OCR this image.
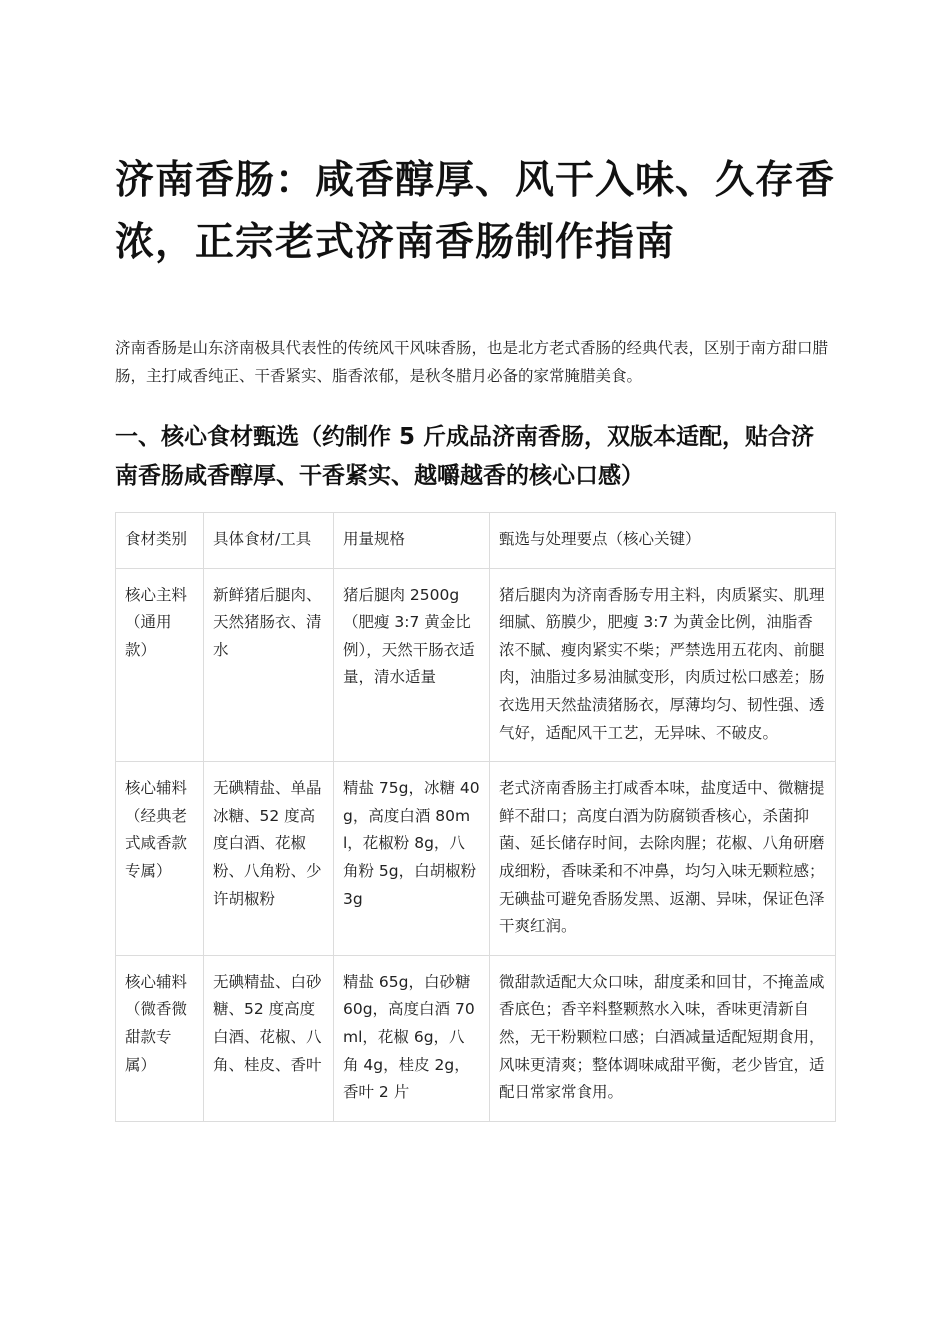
济南香肠：咸香醇厚、风干入味、久存香浓，正宗老式济南香肠制作指南

济南香肠是山东济南极具代表性的传统风干风味香肠，也是北方老式香肠的经典代表，区别于南方甜口腊肠，主打咸香纯正、干香紧实、脂香浓郁，是秋冬腊月必备的家常腌腊美食。

一、核心食材甄选（约制作 5 斤成品济南香肠，双版本适配，贴合济南香肠咸香醇厚、干香紧实、越嚼越香的核心口感）
食材类别	具体食材/工具	用量规格	甄选与处理要点（核心关键）
核心主料（通用款）	新鲜猪后腿肉、天然猪肠衣、清水	猪后腿肉 2500g（肥瘦 3:7 黄金比例），天然干肠衣适量，清水适量	猪后腿肉为济南香肠专用主料，肉质紧实、肌理细腻、筋膜少，肥瘦 3:7 为黄金比例，油脂香浓不腻、瘦肉紧实不柴；严禁选用五花肉、前腿肉，油脂过多易油腻变形，肉质过松口感差；肠衣选用天然盐渍猪肠衣，厚薄均匀、韧性强、透气好，适配风干工艺，无异味、不破皮。
核心辅料（经典老式咸香款专属）	无碘精盐、单晶冰糖、52 度高度白酒、花椒粉、八角粉、少许胡椒粉	精盐 75g，冰糖 40g，高度白酒 80ml，花椒粉 8g，八角粉 5g，白胡椒粉 3g	老式济南香肠主打咸香本味，盐度适中、微糖提鲜不甜口；高度白酒为防腐锁香核心，杀菌抑菌、延长储存时间，去除肉腥；花椒、八角研磨成细粉，香味柔和不冲鼻，均匀入味无颗粒感；无碘盐可避免香肠发黑、返潮、异味，保证色泽干爽红润。
核心辅料（微香微甜款专属）	无碘精盐、白砂糖、52 度高度白酒、花椒、八角、桂皮、香叶	精盐 65g，白砂糖 60g，高度白酒 70ml，花椒 6g，八角 4g，桂皮 2g，香叶 2 片	微甜款适配大众口味，甜度柔和回甘，不掩盖咸香底色；香辛料整颗熬水入味，香味更清新自然，无干粉颗粒口感；白酒减量适配短期食用，风味更清爽；整体调味咸甜平衡，老少皆宜，适配日常家常食用。
